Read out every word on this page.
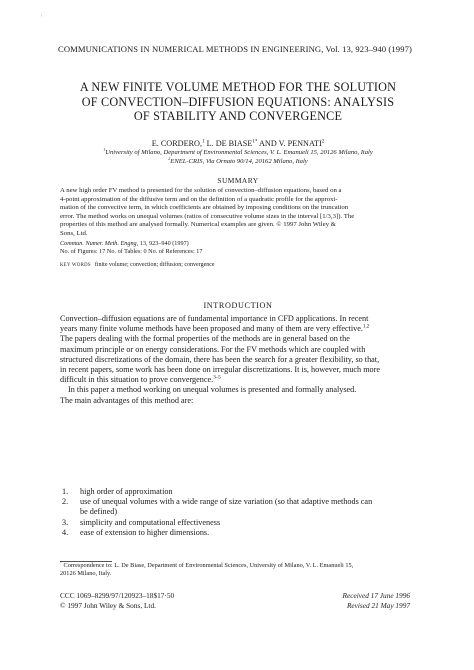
ʿ
COMMUNICATIONS IN NUMERICAL METHODS IN ENGINEERING, Vol. 13, 923–940 (1997)
A NEW FINITE VOLUME METHOD FOR THE SOLUTION
OF CONVECTION–DIFFUSION EQUATIONS: ANALYSIS
OF STABILITY AND CONVERGENCE
E. CORDERO,$^1$ L. DE $BIASE^{1*}$ AND V. PENNATI$^2$
$^1$University of Milano, Department of Environmental Sciences, V. L. Emanueli 15, 20126 Milano, Italy
$^2$ENEL-CRIS, Via Ornato 90/14, 20162 Milano, Italy
SUMMARY
A new high order FV method is presented for the solution of convection–diffusion equations, based on a
4-point approximation of the diffusive term and on the definition of a quadratic profile for the approxi-
mation of the convective term, in which coefficients are obtained by imposing conditions on the truncation
error. The method works on unequal volumes (ratios of consecutive volume sizes in the interval [1/3,3]). The
properties of this method are analysed formally. Numerical examples are given. © 1997 John Wiley &
Sons, Ltd.
Commun. Numer. Meth. Engng, 13, 923–940 (1997)
No. of Figures: 17 No. of Tables: 0 No. of References: 17
KEY WORDS finite volume; convection; diffusion; convergence
INTRODUCTION
Convection–diffusion equations are of fundamental importance in CFD applications. In recent
years many finite volume methods have been proposed and many of them are very effective.$^{1,2}$
The papers dealing with the formal properties of the methods are in general based on the
maximum principle or on energy considerations. For the FV methods which are coupled with
structured discretizations of the domain, there has been the search for a greater flexibility, so that,
in recent papers, some work has been done on irregular discretizations. It is, however, much more
difficult in this situation to prove convergence.$^{3-5}$
In this paper a method working on unequal volumes is presented and formally analysed.
The main advantages of this method are:
1. high order of approximation
2. use of unequal volumes with a wide range of size variation (so that adaptive methods can
be defined)
3. simplicity and computational effectiveness
4. ease of extension to higher dimensions.
* Correspondence to: L. De Biase, Department of Environmental Sciences, University of Milano, V. L. Emanueli 15,
20126 Milano, Italy.
CCC 1069–8299/97/120923–18$17·50
© 1997 John Wiley & Sons, Ltd.
Received 17 June 1996
Revised 21 May 1997
